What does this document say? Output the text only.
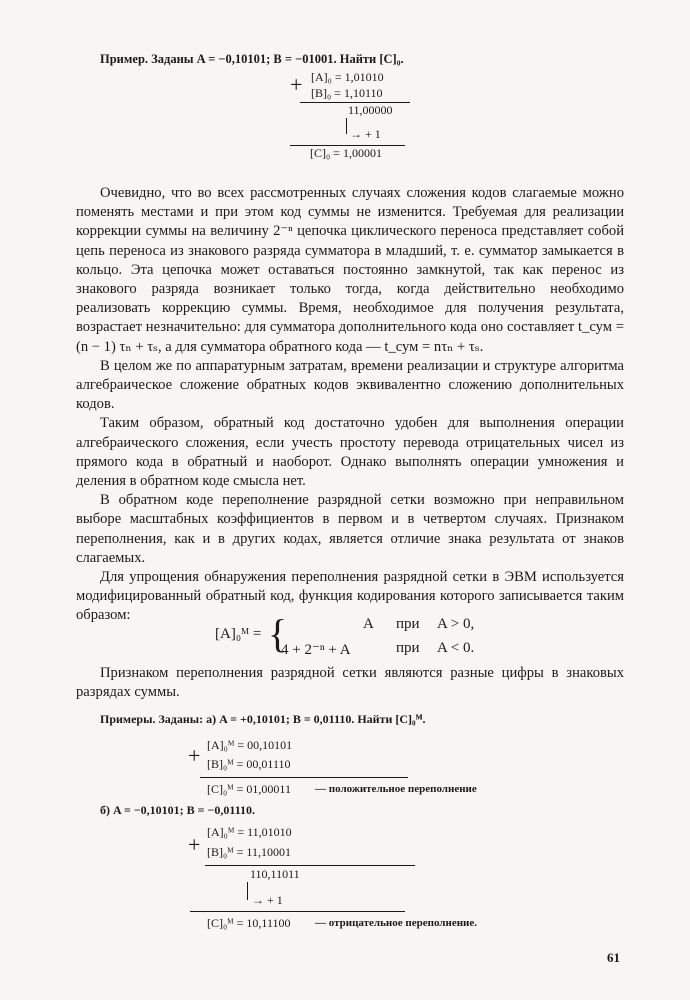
Пример. Заданы A = −0,10101; B = −01001. Найти [C]₀.
+ [A]₀ = 1,01010
[B]₀ = 1,10110
11,00000
→ + 1
[C]₀ = 1,00001

Очевидно, что во всех рассмотренных случаях сложения кодов слагаемые можно поменять местами и при этом код суммы не изменится. Требуемая для реализации коррекции суммы на величину 2⁻ⁿ цепочка циклического переноса представляет собой цепь переноса из знакового разряда сумматора в младший, т. е. сумматор замыкается в кольцо. Эта цепочка может оставаться постоянно замкнутой, так как перенос из знакового разряда возникает только тогда, когда действительно необходимо реализовать коррекцию суммы. Время, необходимое для получения результата, возрастает незначительно: для сумматора дополнительного кода оно составляет t_сум = (n − 1) τₙ + τₛ, а для сумматора обратного кода — t_сум = nτₙ + τₛ.

В целом же по аппаратурным затратам, времени реализации и структуре алгоритма алгебраическое сложение обратных кодов эквивалентно сложению дополнительных кодов.

Таким образом, обратный код достаточно удобен для выполнения операции алгебраического сложения, если учесть простоту перевода отрицательных чисел из прямого кода в обратный и наоборот. Однако выполнять операции умножения и деления в обратном коде смысла нет.

В обратном коде переполнение разрядной сетки возможно при неправильном выборе масштабных коэффициентов в первом и в четвертом случаях. Признаком переполнения, как и в других кодах, является отличие знака результата от знаков слагаемых.

Для упрощения обнаружения переполнения разрядной сетки в ЭВМ используется модифицированный обратный код, функция кодирования которого записывается таким образом:

[A]₀ᴹ = {	A при A > 0,
4 + 2⁻ⁿ + A	при A < 0.

Признаком переполнения разрядной сетки являются разные цифры в знаковых разрядах суммы.

Примеры. Заданы: а) A = +0,10101; B = 0,01110. Найти [C]₀ᴹ.
+ [A]₀ᴹ = 00,10101
[B]₀ᴹ = 00,01110
[C]₀ᴹ = 01,00011 — положительное переполнение
б) A = −0,10101; B = −0,01110.
+ [A]₀ᴹ = 11,01010
[B]₀ᴹ = 11,10001
110,11011
→ + 1
[C]₀ᴹ = 10,11100 — отрицательное переполнение.
61
